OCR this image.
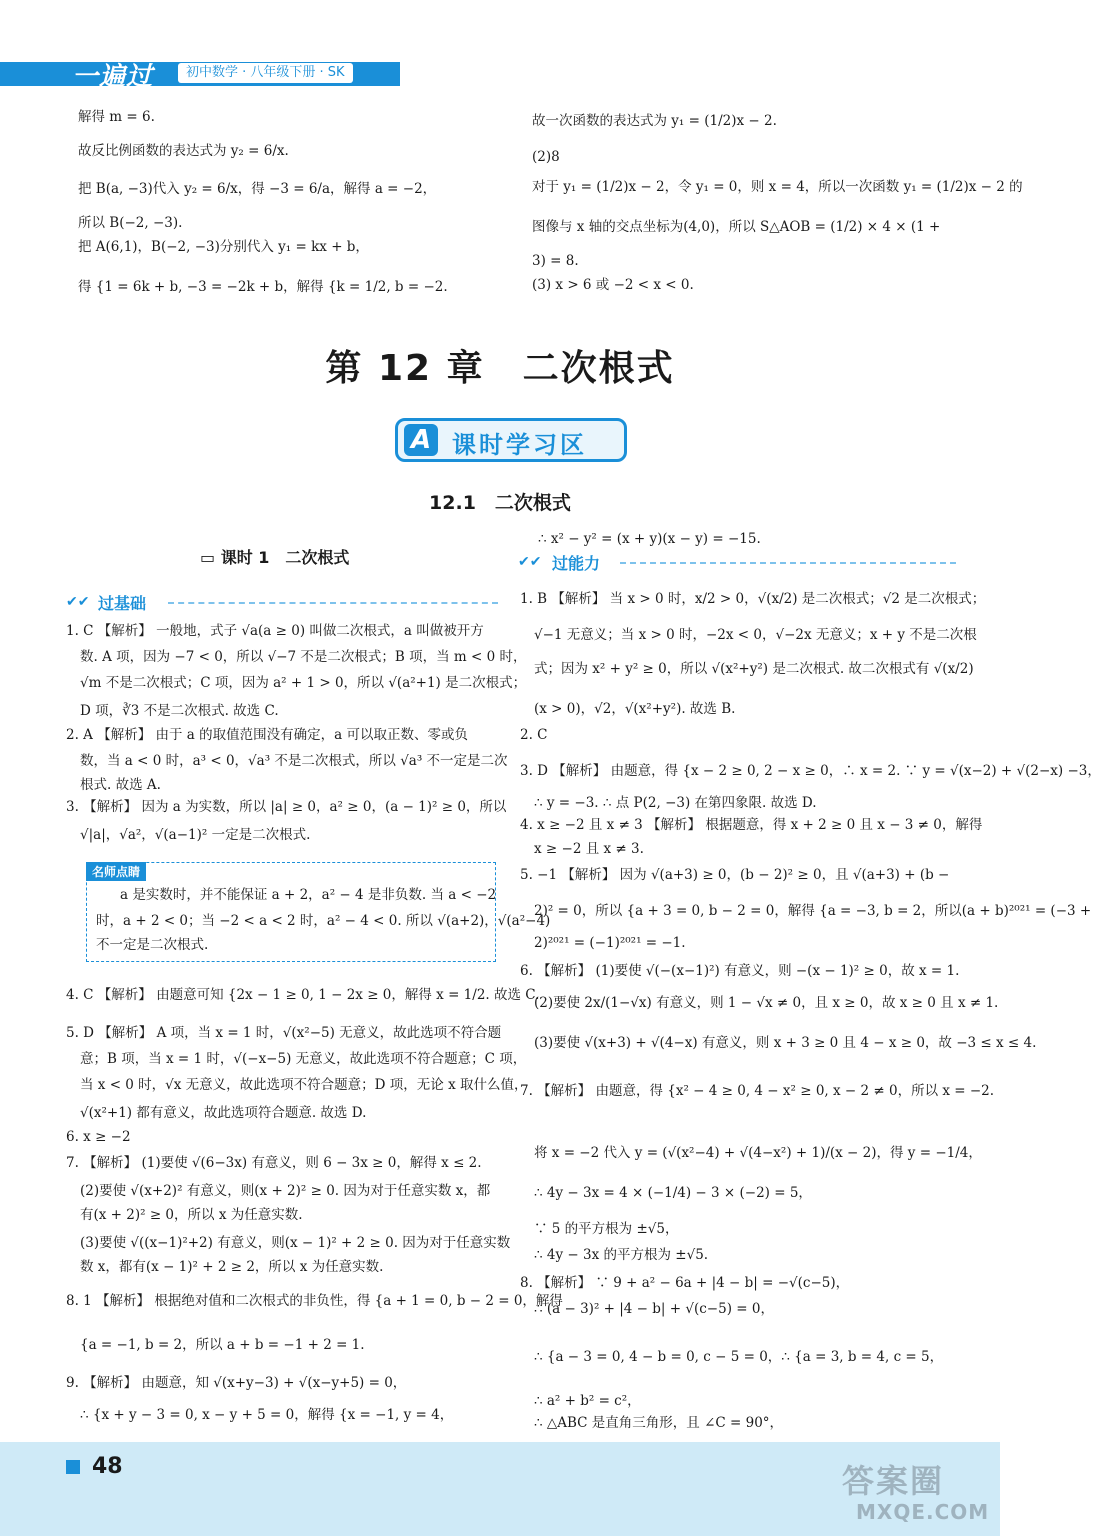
一遍过	初中数学 · 八年级下册 · SK
解得 m = 6.
故反比例函数的表达式为 y₂ = 6/x.
把 B(a, −3)代入 y₂ = 6/x，得 −3 = 6/a，解得 a = −2，
所以 B(−2, −3).
把 A(6,1)，B(−2, −3)分别代入 y₁ = kx + b，
得 {1 = 6k + b, −3 = −2k + b，解得 {k = 1/2, b = −2.
故一次函数的表达式为 y₁ = (1/2)x − 2.
(2)8
对于 y₁ = (1/2)x − 2，令 y₁ = 0，则 x = 4，所以一次函数 y₁ = (1/2)x − 2 的
图像与 x 轴的交点坐标为(4,0)，所以 S△AOB = (1/2) × 4 × (1 +
3) = 8.
(3) x > 6 或 −2 < x < 0.
第 12 章　二次根式
A 课时学习区
12.1　二次根式
▭ 课时 1　二次根式
✔✔ 过基础
✔✔ 过能力
1. C 【解析】 一般地，式子 √a(a ≥ 0) 叫做二次根式，a 叫做被开方
数. A 项，因为 −7 < 0，所以 √−7 不是二次根式；B 项，当 m < 0 时，
√m 不是二次根式；C 项，因为 a² + 1 > 0，所以 √(a²+1) 是二次根式；
D 项，∛3 不是二次根式. 故选 C.
2. A 【解析】 由于 a 的取值范围没有确定，a 可以取正数、零或负
数，当 a < 0 时，a³ < 0，√a³ 不是二次根式，所以 √a³ 不一定是二次
根式. 故选 A.
3. 【解析】 因为 a 为实数，所以 |a| ≥ 0，a² ≥ 0，(a − 1)² ≥ 0，所以
√|a|，√a²，√(a−1)² 一定是二次根式.
名师点睛
a 是实数时，并不能保证 a + 2，a² − 4 是非负数. 当 a < −2
时，a + 2 < 0；当 −2 < a < 2 时，a² − 4 < 0. 所以 √(a+2)，√(a²−4)
不一定是二次根式.
4. C 【解析】 由题意可知 {2x − 1 ≥ 0, 1 − 2x ≥ 0，解得 x = 1/2. 故选 C.
5. D 【解析】 A 项，当 x = 1 时，√(x²−5) 无意义，故此选项不符合题
意；B 项，当 x = 1 时，√(−x−5) 无意义，故此选项不符合题意；C 项，
当 x < 0 时，√x 无意义，故此选项不符合题意；D 项，无论 x 取什么值，
√(x²+1) 都有意义，故此选项符合题意. 故选 D.
6. x ≥ −2
7. 【解析】 (1)要使 √(6−3x) 有意义，则 6 − 3x ≥ 0，解得 x ≤ 2.
(2)要使 √(x+2)² 有意义，则(x + 2)² ≥ 0. 因为对于任意实数 x，都
有(x + 2)² ≥ 0，所以 x 为任意实数.
(3)要使 √((x−1)²+2) 有意义，则(x − 1)² + 2 ≥ 0. 因为对于任意实数
数 x，都有(x − 1)² + 2 ≥ 2，所以 x 为任意实数.
8. 1 【解析】 根据绝对值和二次根式的非负性，得 {a + 1 = 0, b − 2 = 0，解得
{a = −1, b = 2，所以 a + b = −1 + 2 = 1.
9. 【解析】 由题意，知 √(x+y−3) + √(x−y+5) = 0，
∴ {x + y − 3 = 0, x − y + 5 = 0，解得 {x = −1, y = 4，
∴ x² − y² = (x + y)(x − y) = −15.
1. B 【解析】 当 x > 0 时，x/2 > 0，√(x/2) 是二次根式；√2 是二次根式；
√−1 无意义；当 x > 0 时，−2x < 0，√−2x 无意义；x + y 不是二次根
式；因为 x² + y² ≥ 0，所以 √(x²+y²) 是二次根式. 故二次根式有 √(x/2)
(x > 0)，√2，√(x²+y²). 故选 B.
2. C
3. D 【解析】 由题意，得 {x − 2 ≥ 0, 2 − x ≥ 0，∴ x = 2. ∵ y = √(x−2) + √(2−x) −3，
∴ y = −3. ∴ 点 P(2, −3) 在第四象限. 故选 D.
4. x ≥ −2 且 x ≠ 3 【解析】 根据题意，得 x + 2 ≥ 0 且 x − 3 ≠ 0，解得
x ≥ −2 且 x ≠ 3.
5. −1 【解析】 因为 √(a+3) ≥ 0，(b − 2)² ≥ 0，且 √(a+3) + (b −
2)² = 0，所以 {a + 3 = 0, b − 2 = 0，解得 {a = −3, b = 2，所以(a + b)²⁰²¹ = (−3 +
2)²⁰²¹ = (−1)²⁰²¹ = −1.
6. 【解析】 (1)要使 √(−(x−1)²) 有意义，则 −(x − 1)² ≥ 0，故 x = 1.
(2)要使 2x/(1−√x) 有意义，则 1 − √x ≠ 0，且 x ≥ 0，故 x ≥ 0 且 x ≠ 1.
(3)要使 √(x+3) + √(4−x) 有意义，则 x + 3 ≥ 0 且 4 − x ≥ 0，故 −3 ≤ x ≤ 4.
7. 【解析】 由题意，得 {x² − 4 ≥ 0, 4 − x² ≥ 0, x − 2 ≠ 0，所以 x = −2.
将 x = −2 代入 y = (√(x²−4) + √(4−x²) + 1)/(x − 2)，得 y = −1/4，
∴ 4y − 3x = 4 × (−1/4) − 3 × (−2) = 5，
∵ 5 的平方根为 ±√5，
∴ 4y − 3x 的平方根为 ±√5.
8. 【解析】 ∵ 9 + a² − 6a + |4 − b| = −√(c−5)，
∴ (a − 3)² + |4 − b| + √(c−5) = 0，
∴ {a − 3 = 0, 4 − b = 0, c − 5 = 0，∴ {a = 3, b = 4, c = 5，
∴ a² + b² = c²，
∴ △ABC 是直角三角形，且 ∠C = 90°，
48	答案圈
MXQE.COM
